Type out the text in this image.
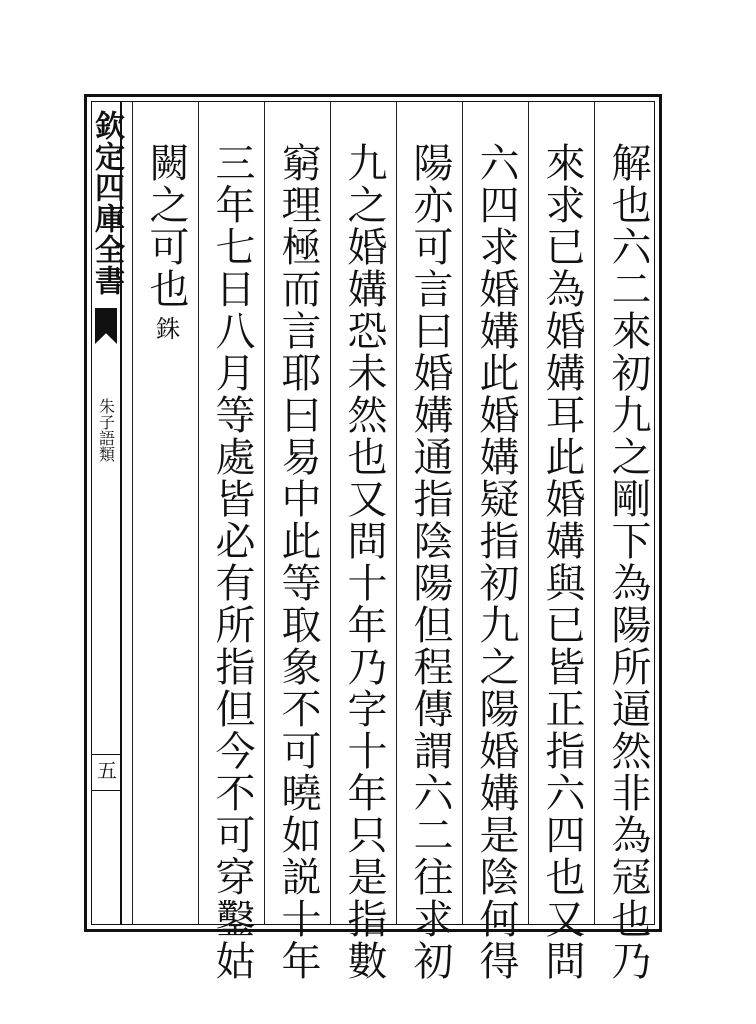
欽定四庫全書
朱子語類
五	解也六二來初九之剛下為陽所逼然非為冦也乃
來求已為婚媾耳此婚媾與已皆正指六四也又問
六四求婚媾此婚媾疑指初九之陽婚媾是陰何得
陽亦可言曰婚媾通指陰陽但程傳謂六二往求初
九之婚媾恐未然也又問十年乃字十年只是指數
窮理極而言耶曰易中此等取象不可曉如説十年
三年七日八月等處皆必有所指但今不可穿鑿姑
闕之可也
銖
